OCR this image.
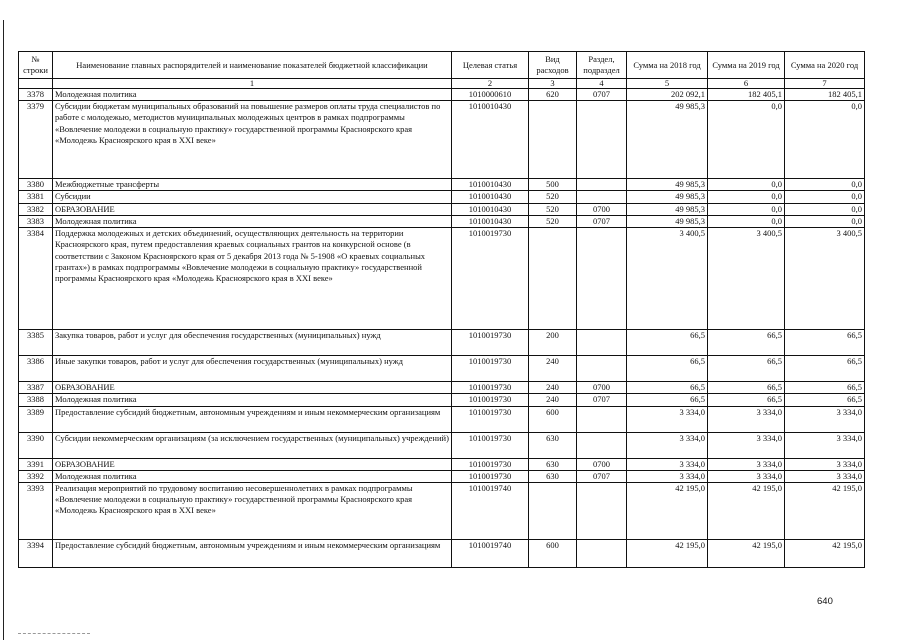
№ строки	Наименование главных распорядителей и наименование показателей бюджетной классификации	Целевая статья	Вид расходов	Раздел, подраздел	Сумма на 2018 год	Сумма на 2019 год	Сумма на 2020 год
	1	2	3	4	5	6	7
3378	Молодежная политика	1010000610	620	0707	202 092,1	182 405,1	182 405,1
3379	Субсидии бюджетам муниципальных образований на повышение размеров оплаты труда специалистов по работе с молодежью, методистов муниципальных молодежных центров в рамках подпрограммы «Вовлечение молодежи в социальную практику» государственной программы Красноярского края «Молодежь Красноярского края в XXI веке»	1010010430			49 985,3	0,0	0,0
3380	Межбюджетные трансферты	1010010430	500		49 985,3	0,0	0,0
3381	Субсидии	1010010430	520		49 985,3	0,0	0,0
3382	ОБРАЗОВАНИЕ	1010010430	520	0700	49 985,3	0,0	0,0
3383	Молодежная политика	1010010430	520	0707	49 985,3	0,0	0,0
3384	Поддержка молодежных и детских объединений, осуществляющих деятельность на территории Красноярского края, путем предоставления краевых социальных грантов на конкурсной основе (в соответствии с Законом Красноярского края от 5 декабря 2013 года № 5-1908 «О краевых социальных грантах») в рамках подпрограммы «Вовлечение молодежи в социальную практику» государственной программы Красноярского края «Молодежь Красноярского края в XXI веке»	1010019730			3 400,5	3 400,5	3 400,5
3385	Закупка товаров, работ и услуг для обеспечения государственных (муниципальных) нужд	1010019730	200		66,5	66,5	66,5
3386	Иные закупки товаров, работ и услуг для обеспечения государственных (муниципальных) нужд	1010019730	240		66,5	66,5	66,5
3387	ОБРАЗОВАНИЕ	1010019730	240	0700	66,5	66,5	66,5
3388	Молодежная политика	1010019730	240	0707	66,5	66,5	66,5
3389	Предоставление субсидий бюджетным, автономным учреждениям и иным некоммерческим организациям	1010019730	600		3 334,0	3 334,0	3 334,0
3390	Субсидии некоммерческим организациям (за исключением государственных (муниципальных) учреждений)	1010019730	630		3 334,0	3 334,0	3 334,0
3391	ОБРАЗОВАНИЕ	1010019730	630	0700	3 334,0	3 334,0	3 334,0
3392	Молодежная политика	1010019730	630	0707	3 334,0	3 334,0	3 334,0
3393	Реализация мероприятий по трудовому воспитанию несовершеннолетних в рамках подпрограммы «Вовлечение молодежи в социальную практику» государственной программы Красноярского края «Молодежь Красноярского края в XXI веке»	1010019740			42 195,0	42 195,0	42 195,0
3394	Предоставление субсидий бюджетным, автономным учреждениям и иным некоммерческим организациям	1010019740	600		42 195,0	42 195,0	42 195,0
640
